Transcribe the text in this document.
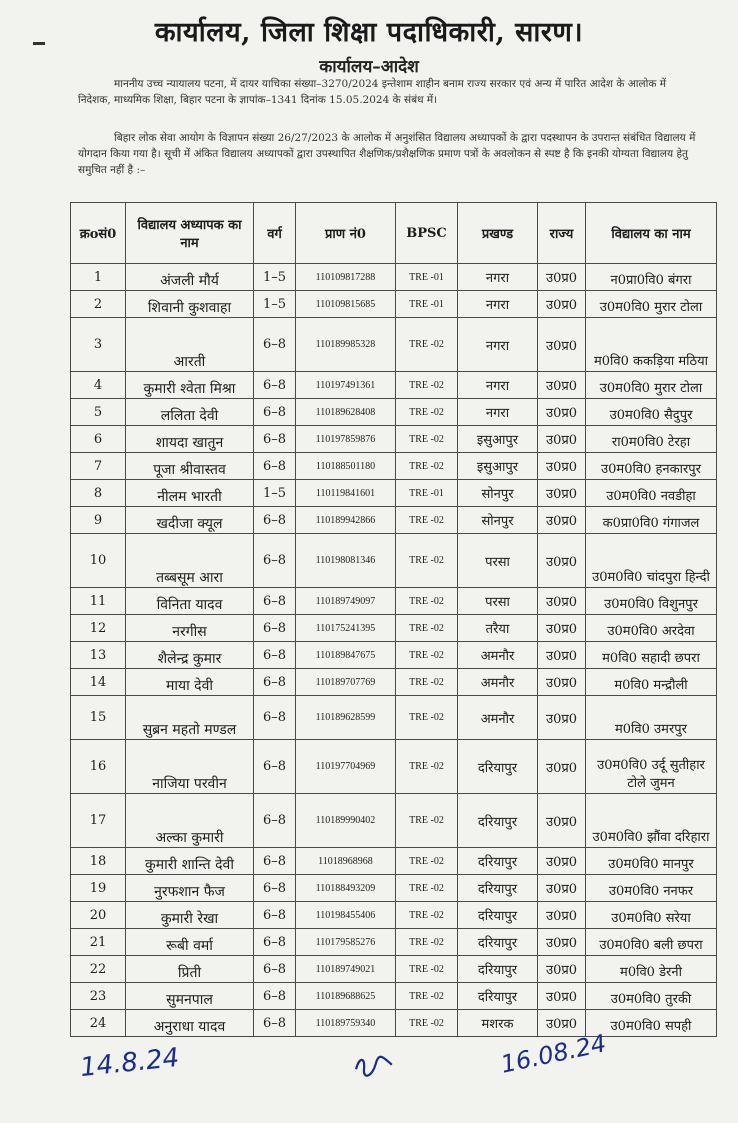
कार्यालय, जिला शिक्षा पदाधिकारी, सारण।
कार्यालय–आदेश
माननीय उच्च न्यायालय पटना, में दायर याचिका संख्या–3270/2024 इन्तेशाम शाहीन बनाम राज्य सरकार एवं अन्य में पारित आदेश के आलोक में निदेशक, माध्यमिक शिक्षा, बिहार पटना के ज्ञापांक–1341 दिनांक 15.05.2024 के संबंध में।
बिहार लोक सेवा आयोग के विज्ञापन संख्या 26/27/2023 के आलोक में अनुशंसित विद्यालय अध्यापकों के द्वारा पदस्थापन के उपरान्त संबंधित विद्यालय में योगदान किया गया है। सूची में अंकित विद्यालय अध्यापकों द्वारा उपस्थापित शैक्षणिक/प्रशैक्षणिक प्रमाण पत्रों के अवलोकन से स्पष्ट है कि इनकी योग्यता विद्यालय हेतु समुचित नहीं है :–
क्रoसं0	विद्यालय अध्यापक का नाम	वर्ग	प्राण नं0	BPSC	प्रखण्ड	राज्य	विद्यालय का नाम
1	अंजली मौर्य	1–5	110109817288	TRE -01	नगरा	उ0प्र0	न0प्रा0वि0 बंगरा
2	शिवानी कुशवाहा	1–5	110109815685	TRE -01	नगरा	उ0प्र0	उ0म0वि0 मुरार टोला
3	आरती	6–8	110189985328	TRE -02	नगरा	उ0प्र0	म0वि0 ककड़िया मठिया
4	कुमारी श्वेता मिश्रा	6–8	110197491361	TRE -02	नगरा	उ0प्र0	उ0म0वि0 मुरार टोला
5	ललिता देवी	6–8	110189628408	TRE -02	नगरा	उ0प्र0	उ0म0वि0 सैदुपुर
6	शायदा खातुन	6–8	110197859876	TRE -02	इसुआपुर	उ0प्र0	रा0म0वि0 टेरहा
7	पूजा श्रीवास्तव	6–8	110188501180	TRE -02	इसुआपुर	उ0प्र0	उ0म0वि0 हनकारपुर
8	नीलम भारती	1–5	110119841601	TRE -01	सोनपुर	उ0प्र0	उ0म0वि0 नवडीहा
9	खदीजा क्यूल	6–8	110189942866	TRE -02	सोनपुर	उ0प्र0	क0प्रा0वि0 गंगाजल
10	तब्बसूम आरा	6–8	110198081346	TRE -02	परसा	उ0प्र0	उ0म0वि0 चांदपुरा हिन्दी
11	विनिता यादव	6–8	110189749097	TRE -02	परसा	उ0प्र0	उ0म0वि0 विशुनपुर
12	नरगीस	6–8	110175241395	TRE -02	तरैया	उ0प्र0	उ0म0वि0 अरदेवा
13	शैलेन्द्र कुमार	6–8	110189847675	TRE -02	अमनौर	उ0प्र0	म0वि0 सहादी छपरा
14	माया देवी	6–8	110189707769	TRE -02	अमनौर	उ0प्र0	म0वि0 मन्द्रौली
15	सुब्रन महतो मण्डल	6–8	110189628599	TRE -02	अमनौर	उ0प्र0	म0वि0 उमरपुर
16	नाजिया परवीन	6–8	110197704969	TRE -02	दरियापुर	उ0प्र0	उ0म0वि0 उर्दू सुतीहार टोले जुमन
17	अल्का कुमारी	6–8	110189990402	TRE -02	दरियापुर	उ0प्र0	उ0म0वि0 झौंवा दरिहारा
18	कुमारी शान्ति देवी	6–8	11018968968	TRE -02	दरियापुर	उ0प्र0	उ0म0वि0 मानपुर
19	नुरफशान फैज	6–8	110188493209	TRE -02	दरियापुर	उ0प्र0	उ0म0वि0 ननफर
20	कुमारी रेखा	6–8	110198455406	TRE -02	दरियापुर	उ0प्र0	उ0म0वि0 सरेया
21	रूबी वर्मा	6–8	110179585276	TRE -02	दरियापुर	उ0प्र0	उ0म0वि0 बली छपरा
22	प्रिती	6–8	110189749021	TRE -02	दरियापुर	उ0प्र0	म0वि0 डेरनी
23	सुमनपाल	6–8	110189688625	TRE -02	दरियापुर	उ0प्र0	उ0म0वि0 तुरकी
24	अनुराधा यादव	6–8	110189759340	TRE -02	मशरक	उ0प्र0	उ0म0वि0 सपही
14.8.24	16.08.24
